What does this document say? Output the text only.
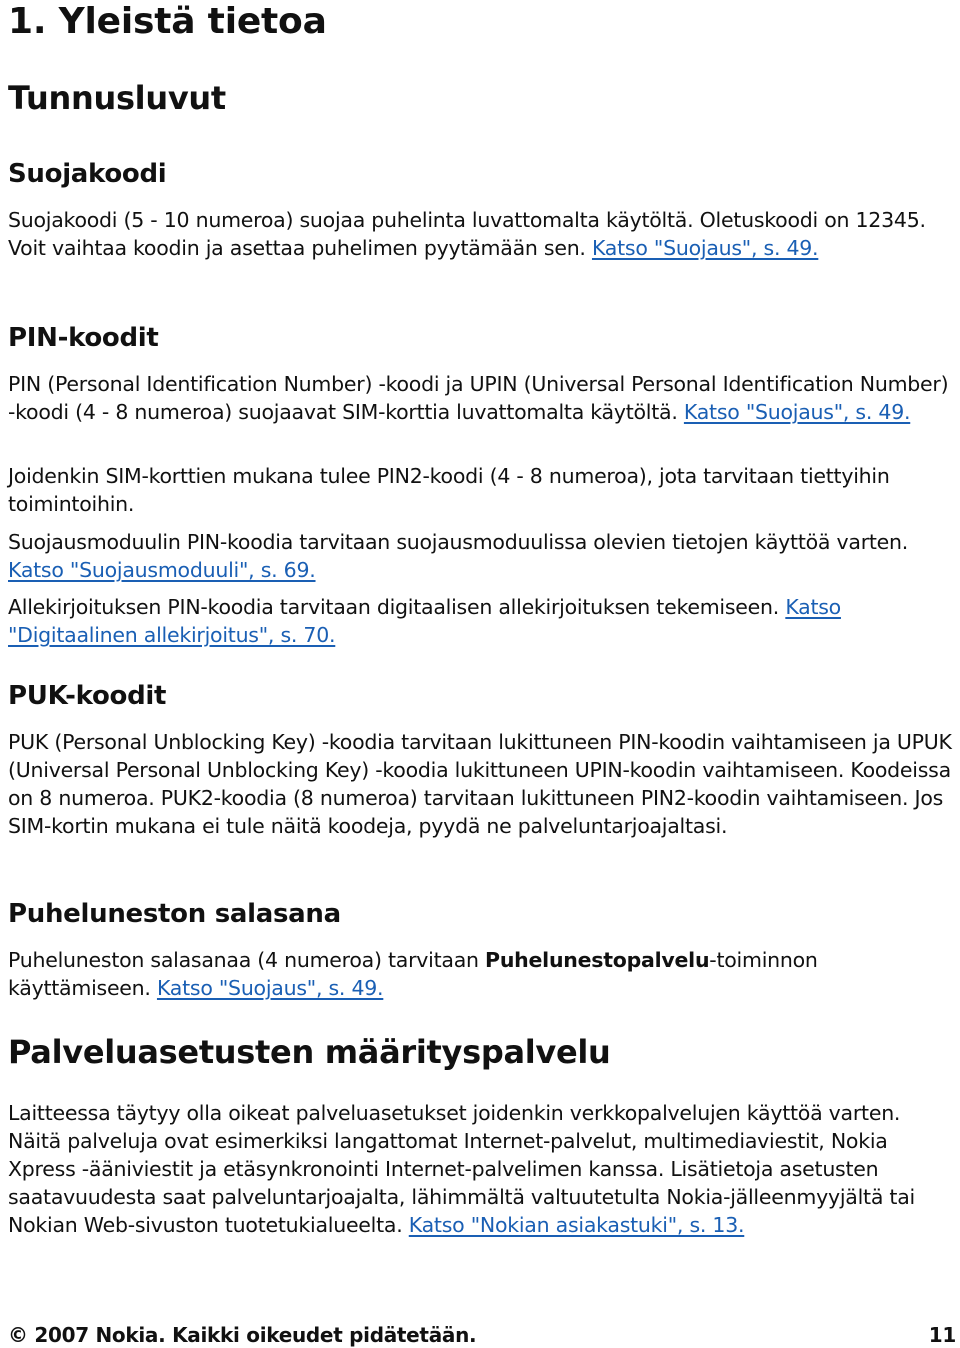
1. Yleistä tietoa
Tunnusluvut
Suojakoodi

Suojakoodi (5 - 10 numeroa) suojaa puhelinta luvattomalta käytöltä. Oletuskoodi on 12345. Voit vaihtaa koodin ja asettaa puhelimen pyytämään sen. Katso "Suojaus", s. 49.

PIN-koodit

PIN (Personal Identification Number) -koodi ja UPIN (Universal Personal Identification Number) -koodi (4 - 8 numeroa) suojaavat SIM-korttia luvattomalta käytöltä. Katso "Suojaus", s. 49.

Joidenkin SIM-korttien mukana tulee PIN2-koodi (4 - 8 numeroa), jota tarvitaan tiettyihin toimintoihin.

Suojausmoduulin PIN-koodia tarvitaan suojausmoduulissa olevien tietojen käyttöä varten. Katso "Suojausmoduuli", s. 69.

Allekirjoituksen PIN-koodia tarvitaan digitaalisen allekirjoituksen tekemiseen. Katso "Digitaalinen allekirjoitus", s. 70.

PUK-koodit

PUK (Personal Unblocking Key) -koodia tarvitaan lukittuneen PIN-koodin vaihtamiseen ja UPUK (Universal Personal Unblocking Key) -koodia lukittuneen UPIN-koodin vaihtamiseen. Koodeissa on 8 numeroa. PUK2-koodia (8 numeroa) tarvitaan lukittuneen PIN2-koodin vaihtamiseen. Jos SIM-kortin mukana ei tule näitä koodeja, pyydä ne palveluntarjoajaltasi.

Puheluneston salasana

Puheluneston salasanaa (4 numeroa) tarvitaan Puhelunestopalvelu-toiminnon käyttämiseen. Katso "Suojaus", s. 49.

Palveluasetusten määrityspalvelu

Laitteessa täytyy olla oikeat palveluasetukset joidenkin verkkopalvelujen käyttöä varten. Näitä palveluja ovat esimerkiksi langattomat Internet-palvelut, multimediaviestit, Nokia Xpress -ääniviestit ja etäsynkronointi Internet-palvelimen kanssa. Lisätietoja asetusten saatavuudesta saat palveluntarjoajalta, lähimmältä valtuutetulta Nokia-jälleenmyyjältä tai Nokian Web-sivuston tuotetukialueelta. Katso "Nokian asiakastuki", s. 13.

© 2007 Nokia. Kaikki oikeudet pidätetään.	11
